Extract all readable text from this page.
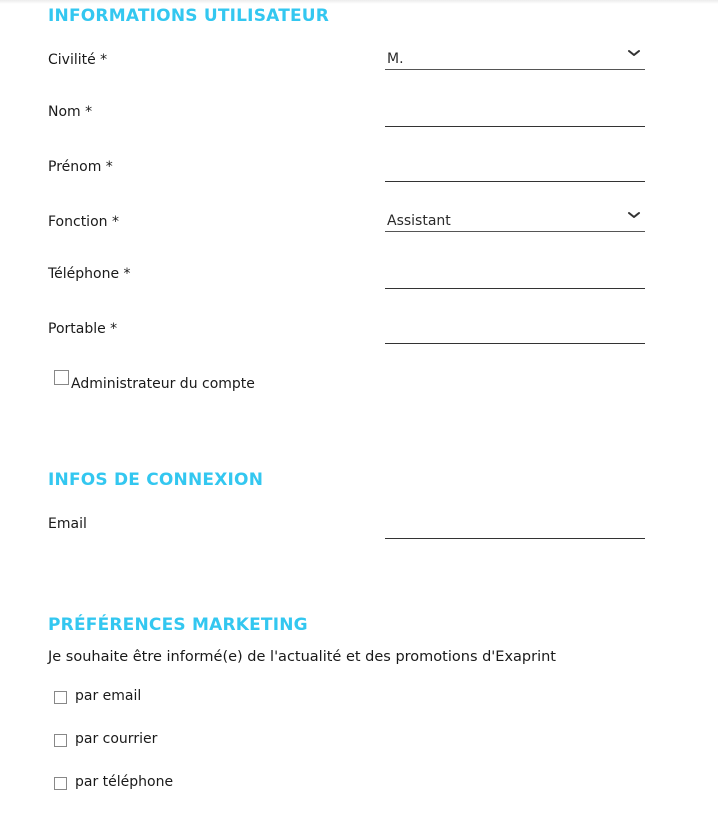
INFORMATIONS UTILISATEUR
Civilité *	M.
Nom *
Prénom *
Fonction *	Assistant
Téléphone *
Portable *
Administrateur du compte
INFOS DE CONNEXION
Email
PRÉFÉRENCES MARKETING
Je souhaite être informé(e) de l'actualité et des promotions d'Exaprint
par email
par courrier
par téléphone
